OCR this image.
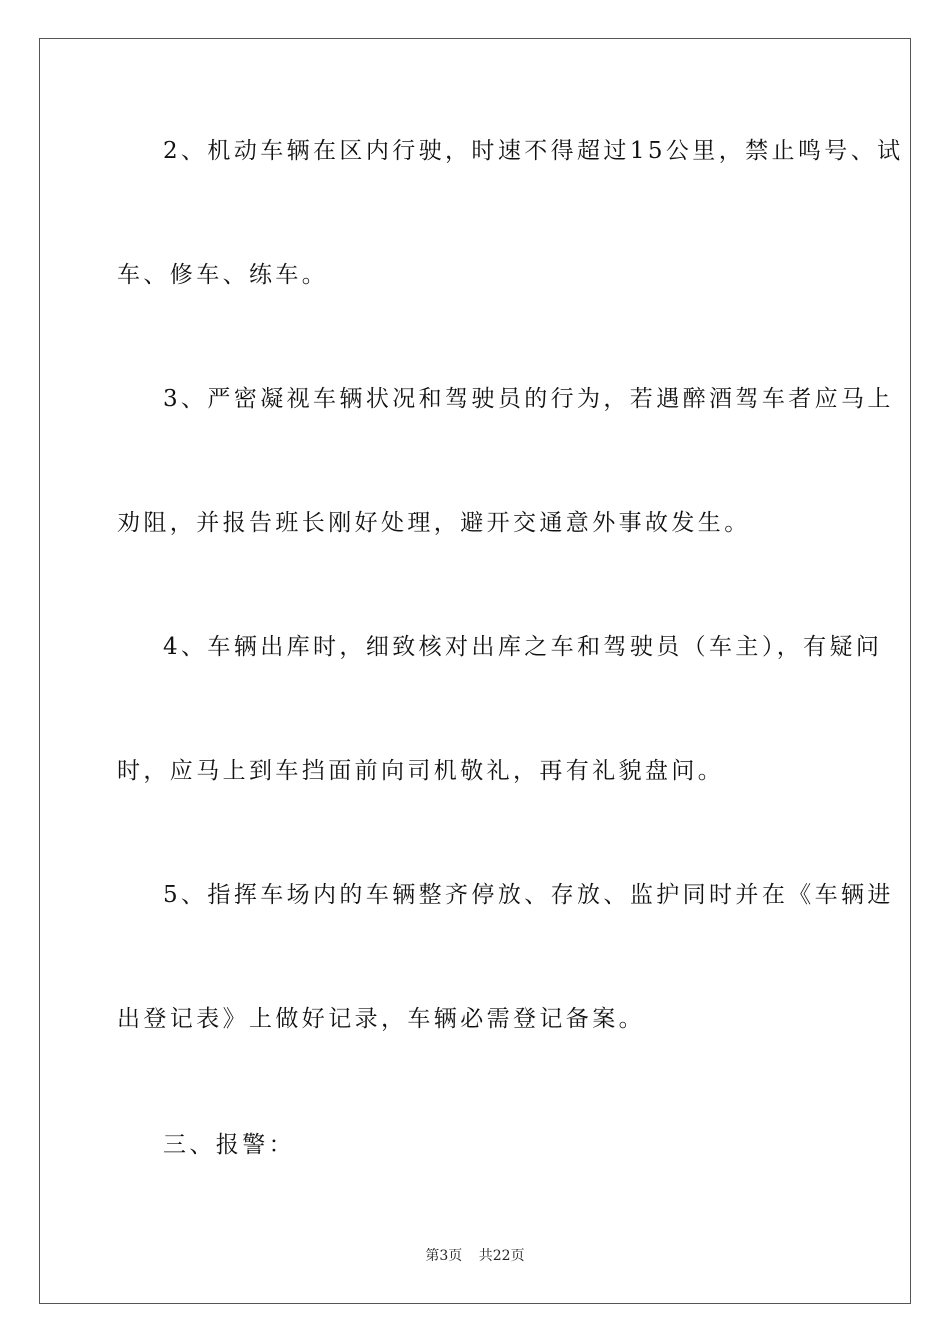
2、机动车辆在区内行驶，时速不得超过15公里，禁止鸣号、试
车、修车、练车。
3、严密凝视车辆状况和驾驶员的行为，若遇醉酒驾车者应马上
劝阻，并报告班长刚好处理，避开交通意外事故发生。
4、车辆出库时，细致核对出库之车和驾驶员（车主），有疑问
时，应马上到车挡面前向司机敬礼，再有礼貌盘问。
5、指挥车场内的车辆整齐停放、存放、监护同时并在《车辆进
出登记表》上做好记录，车辆必需登记备案。
三、报警：
第3页 共22页
